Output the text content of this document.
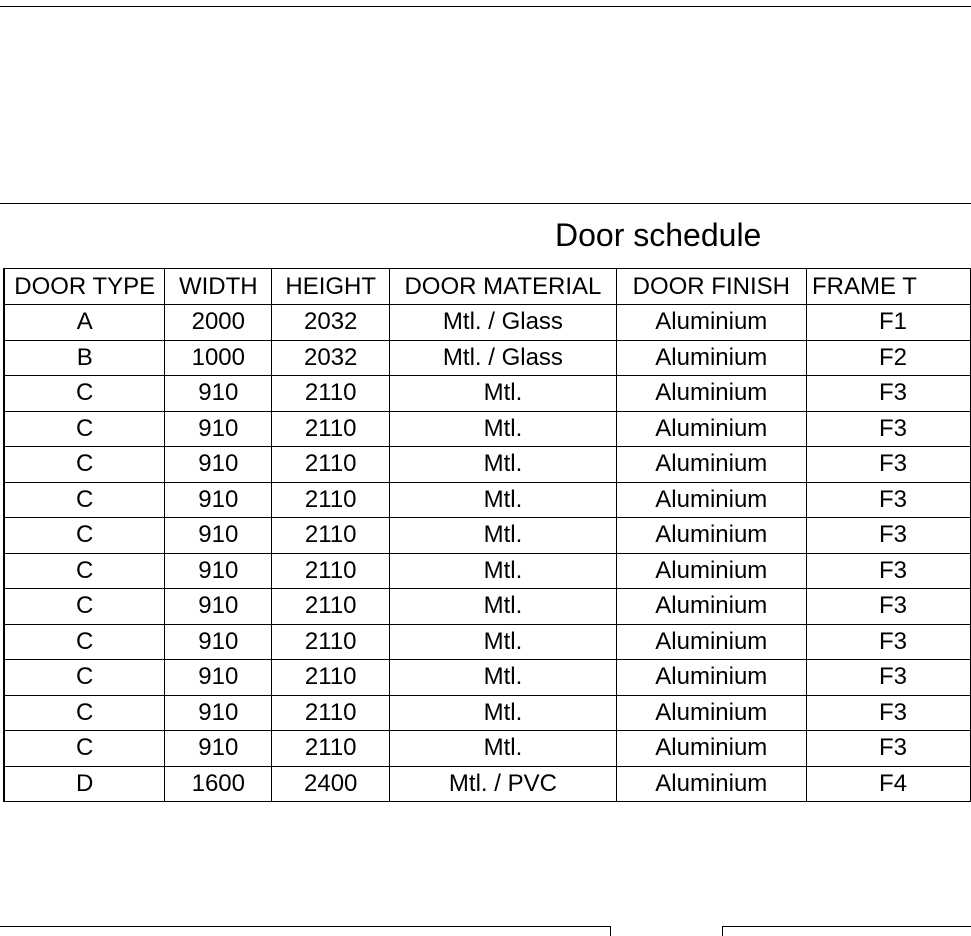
Door schedule
DOOR TYPE	WIDTH	HEIGHT	DOOR MATERIAL	DOOR FINISH	FRAME T
A	2000	2032	Mtl. / Glass	Aluminium	F1
B	1000	2032	Mtl. / Glass	Aluminium	F2
C	910	2110	Mtl.	Aluminium	F3
C	910	2110	Mtl.	Aluminium	F3
C	910	2110	Mtl.	Aluminium	F3
C	910	2110	Mtl.	Aluminium	F3
C	910	2110	Mtl.	Aluminium	F3
C	910	2110	Mtl.	Aluminium	F3
C	910	2110	Mtl.	Aluminium	F3
C	910	2110	Mtl.	Aluminium	F3
C	910	2110	Mtl.	Aluminium	F3
C	910	2110	Mtl.	Aluminium	F3
C	910	2110	Mtl.	Aluminium	F3
D	1600	2400	Mtl. / PVC	Aluminium	F4
